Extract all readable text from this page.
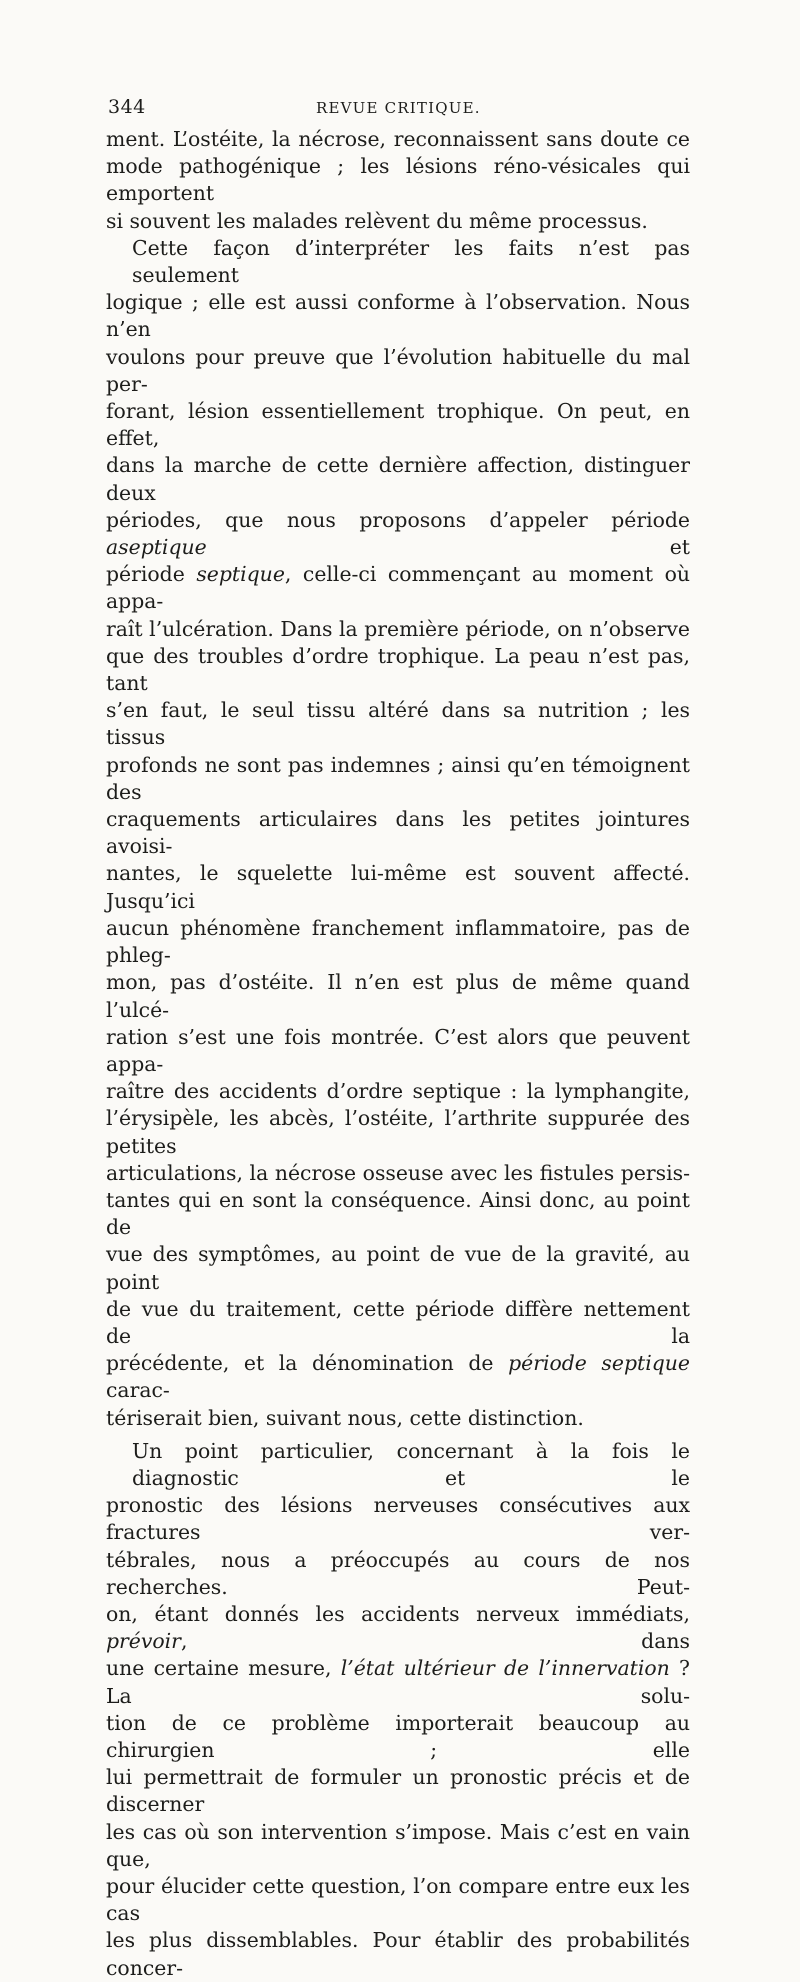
344	REVUE CRITIQUE.

ment. L’ostéite, la nécrose, reconnaissent sans doute ce
mode pathogénique ; les lésions réno-vésicales qui emportent
si souvent les malades relèvent du même processus.

Cette façon d’interpréter les faits n’est pas seulement
logique ; elle est aussi conforme à l’observation. Nous n’en
voulons pour preuve que l’évolution habituelle du mal per-
forant, lésion essentiellement trophique. On peut, en effet,
dans la marche de cette dernière affection, distinguer deux
périodes, que nous proposons d’appeler période aseptique et
période septique, celle-ci commençant au moment où appa-
raît l’ulcération. Dans la première période, on n’observe
que des troubles d’ordre trophique. La peau n’est pas, tant
s’en faut, le seul tissu altéré dans sa nutrition ; les tissus
profonds ne sont pas indemnes ; ainsi qu’en témoignent des
craquements articulaires dans les petites jointures avoisi-
nantes, le squelette lui-même est souvent affecté. Jusqu’ici
aucun phénomène franchement inflammatoire, pas de phleg-
mon, pas d’ostéite. Il n’en est plus de même quand l’ulcé-
ration s’est une fois montrée. C’est alors que peuvent appa-
raître des accidents d’ordre septique : la lymphangite,
l’érysipèle, les abcès, l’ostéite, l’arthrite suppurée des petites
articulations, la nécrose osseuse avec les fistules persis-
tantes qui en sont la conséquence. Ainsi donc, au point de
vue des symptômes, au point de vue de la gravité, au point
de vue du traitement, cette période diffère nettement de la
précédente, et la dénomination de période septique carac-
tériserait bien, suivant nous, cette distinction.

Un point particulier, concernant à la fois le diagnostic et le
pronostic des lésions nerveuses consécutives aux fractures ver-
tébrales, nous a préoccupés au cours de nos recherches. Peut-
on, étant donnés les accidents nerveux immédiats, prévoir, dans
une certaine mesure, l’état ultérieur de l’innervation ? La solu-
tion de ce problème importerait beaucoup au chirurgien ; elle
lui permettrait de formuler un pronostic précis et de discerner
les cas où son intervention s’impose. Mais c’est en vain que,
pour élucider cette question, l’on compare entre eux les cas
les plus dissemblables. Pour établir des probabilités concer-
